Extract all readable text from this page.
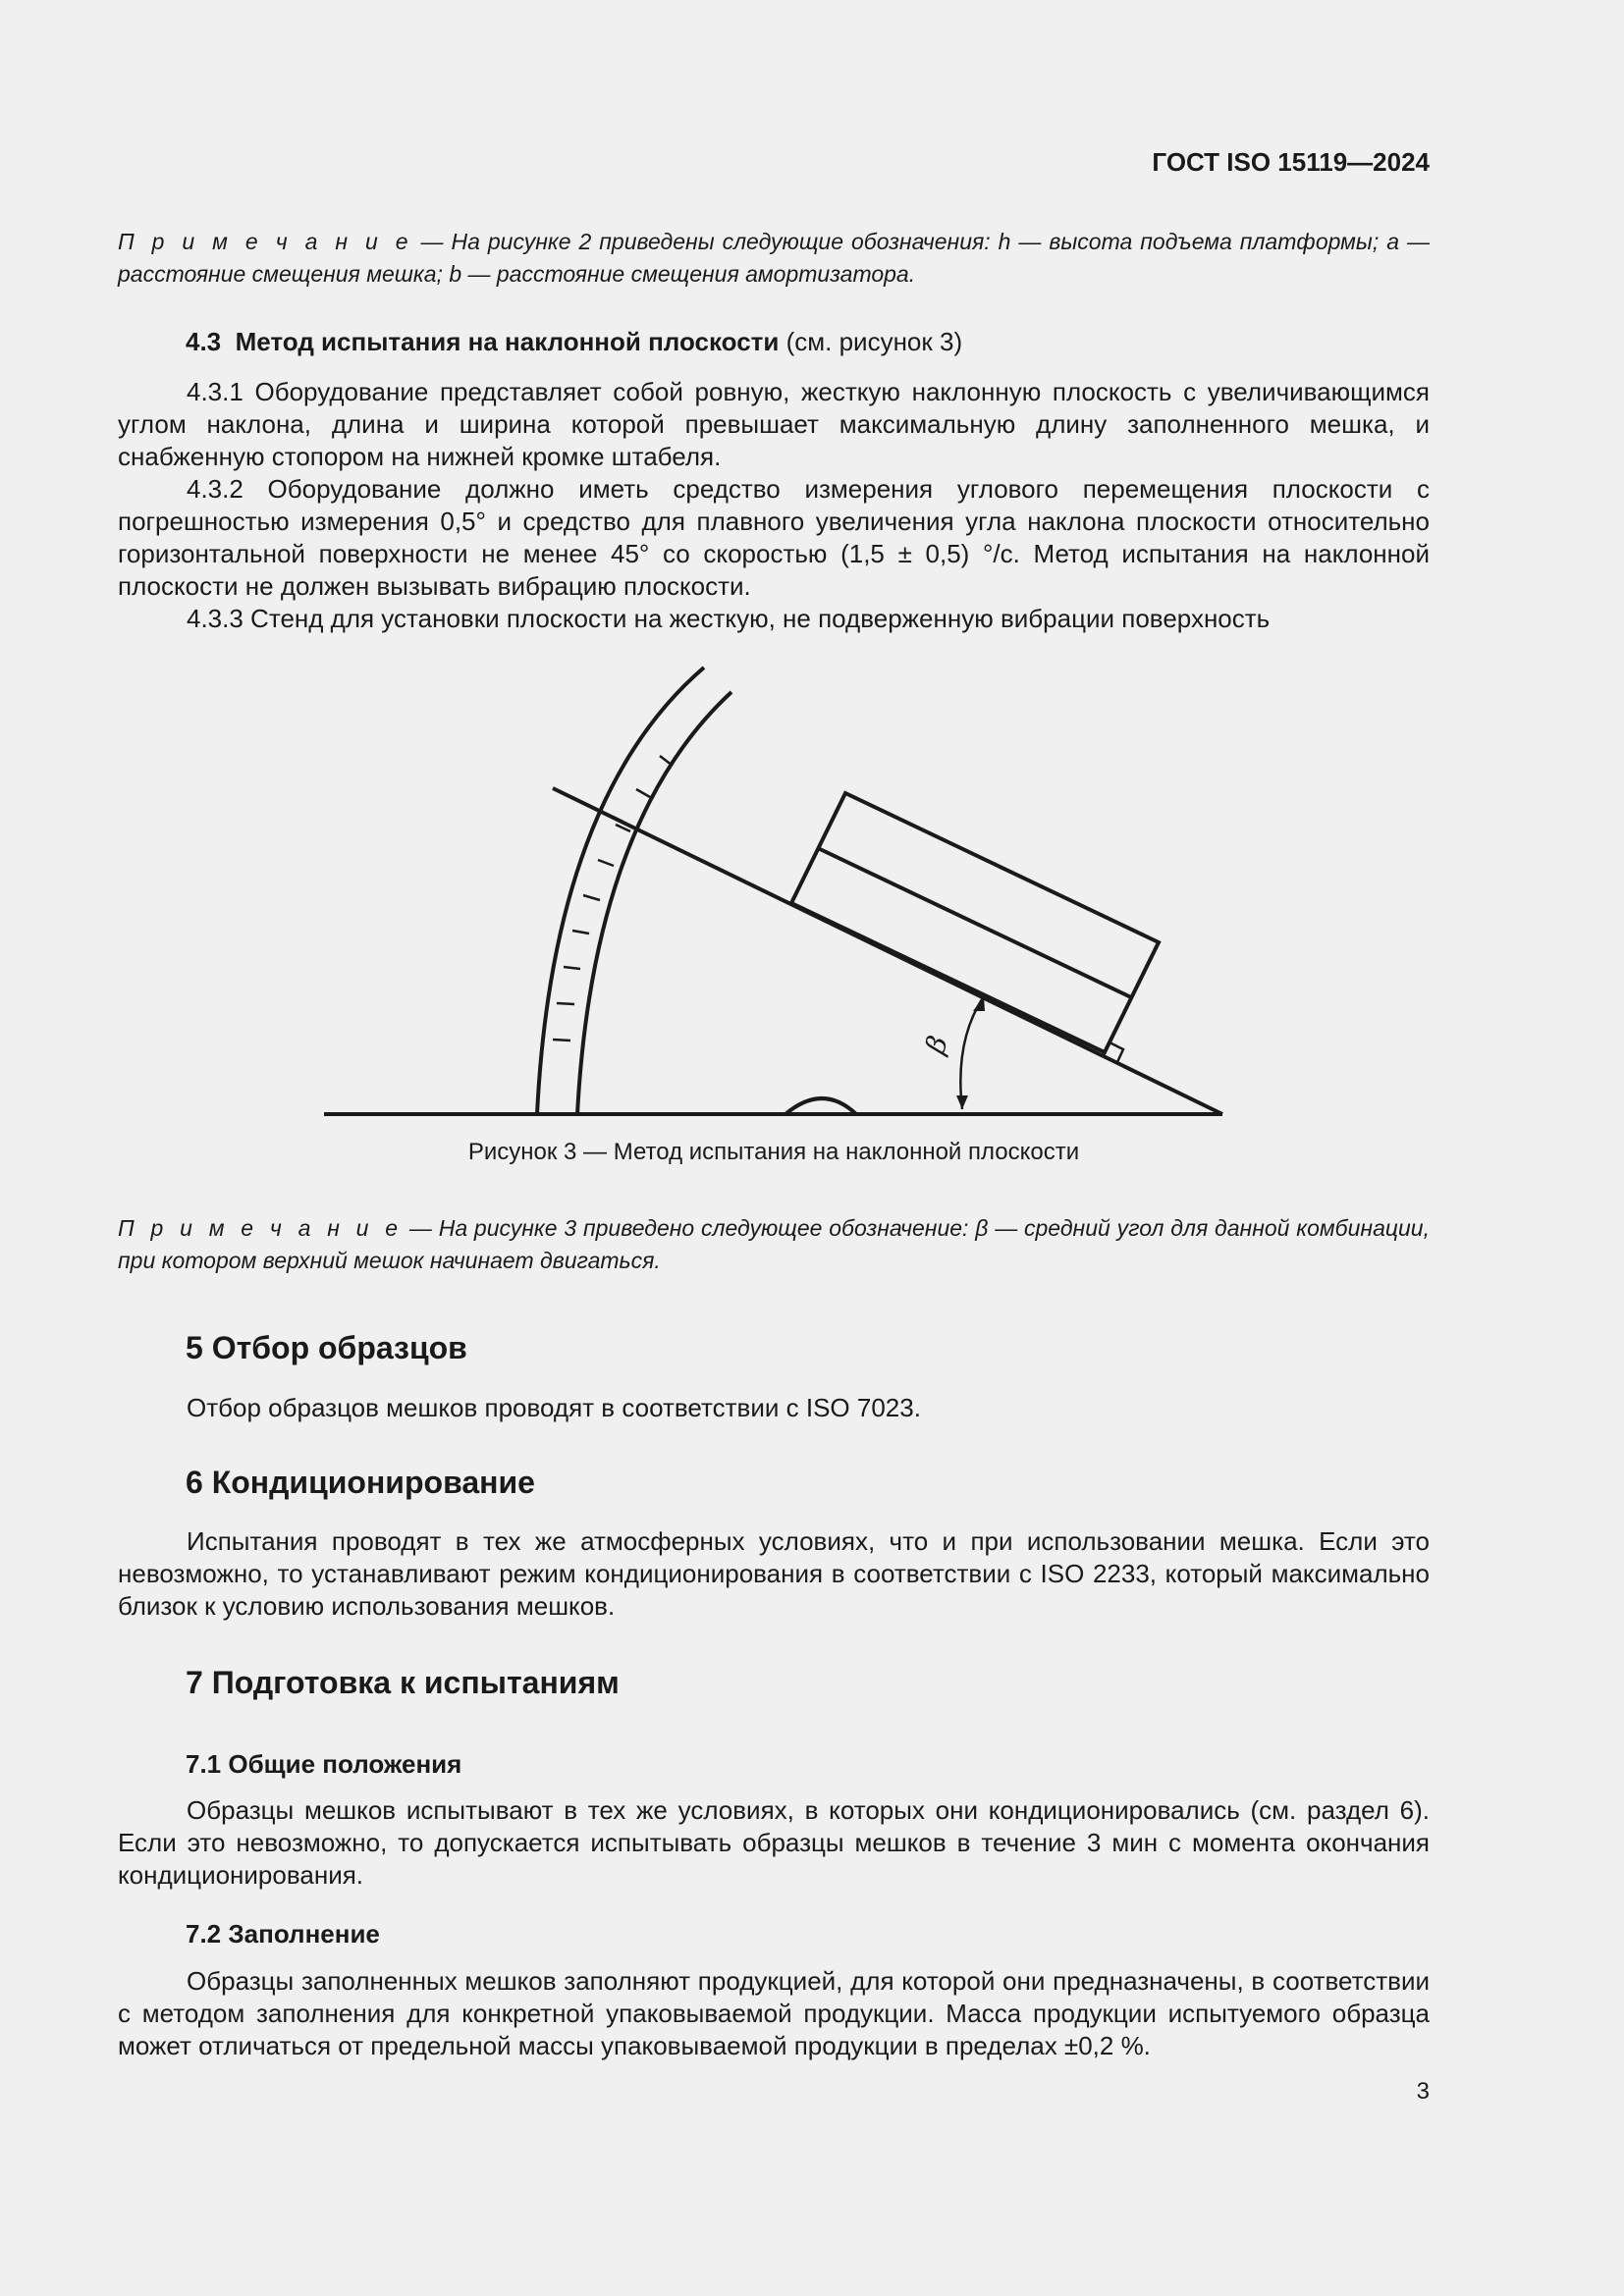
ГОСТ ISO 15119—2024
П р и м е ч а н и е — На рисунке 2 приведены следующие обозначения: h — высота подъема платформы; a — расстояние смещения мешка; b — расстояние смещения амортизатора.
4.3 Метод испытания на наклонной плоскости (см. рисунок 3)

4.3.1 Оборудование представляет собой ровную, жесткую наклонную плоскость с увеличивающимся углом наклона, длина и ширина которой превышает максимальную длину заполненного мешка, и снабженную стопором на нижней кромке штабеля.

4.3.2 Оборудование должно иметь средство измерения углового перемещения плоскости с погрешностью измерения 0,5° и средство для плавного увеличения угла наклона плоскости относительно горизонтальной поверхности не менее 45° со скоростью (1,5 ± 0,5) °/с. Метод испытания на наклонной плоскости не должен вызывать вибрацию плоскости.

4.3.3 Стенд для установки плоскости на жесткую, не подверженную вибрации поверхность

β
Рисунок 3 — Метод испытания на наклонной плоскости
П р и м е ч а н и е — На рисунке 3 приведено следующее обозначение: β — средний угол для данной комбинации, при котором верхний мешок начинает двигаться.
5 Отбор образцов

Отбор образцов мешков проводят в соответствии с ISO 7023.

6 Кондиционирование

Испытания проводят в тех же атмосферных условиях, что и при использовании мешка. Если это невозможно, то устанавливают режим кондиционирования в соответствии с ISO 2233, который максимально близок к условию использования мешков.

7 Подготовка к испытаниям
7.1 Общие положения

Образцы мешков испытывают в тех же условиях, в которых они кондиционировались (см. раздел 6). Если это невозможно, то допускается испытывать образцы мешков в течение 3 мин с момента окончания кондиционирования.

7.2 Заполнение

Образцы заполненных мешков заполняют продукцией, для которой они предназначены, в соответствии с методом заполнения для конкретной упаковываемой продукции. Масса продукции испытуемого образца может отличаться от предельной массы упаковываемой продукции в пределах ±0,2 %.

3
